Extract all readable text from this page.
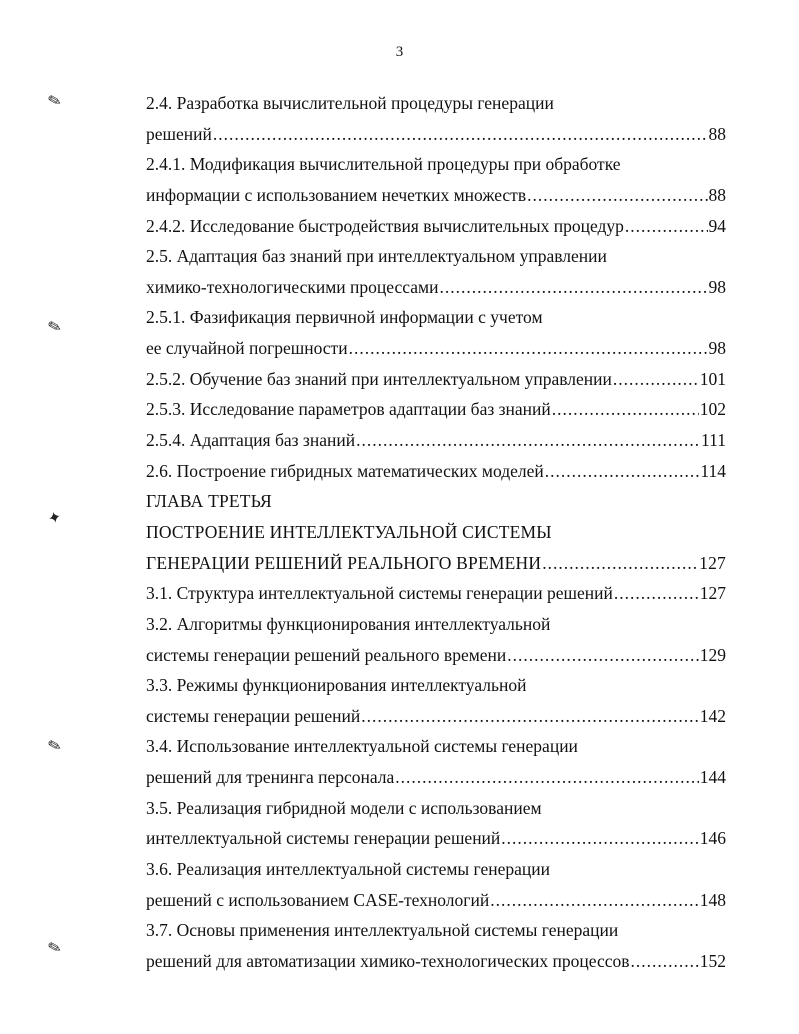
3
✎
✎
✦
✎
✎
2.4. Разработка вычислительной процедуры генерации
решений .....	88
2.4.1. Модификация вычислительной процедуры при обработке
информации с использованием нечетких множеств .....	88
2.4.2. Исследование быстродействия вычислительных процедур .....	94
2.5. Адаптация баз знаний при интеллектуальном управлении
химико-технологическими процессами .....	98
2.5.1. Фазификация первичной информации с учетом
ее случайной погрешности .....	98
2.5.2. Обучение баз знаний при интеллектуальном управлении .....	101
2.5.3. Исследование параметров адаптации баз знаний .....	102
2.5.4. Адаптация баз знаний .....	111
2.6. Построение гибридных математических моделей .....	114
ГЛАВА ТРЕТЬЯ
ПОСТРОЕНИЕ ИНТЕЛЛЕКТУАЛЬНОЙ СИСТЕМЫ
ГЕНЕРАЦИИ РЕШЕНИЙ РЕАЛЬНОГО ВРЕМЕНИ .....	127
3.1. Структура интеллектуальной системы генерации решений .....	127
3.2. Алгоритмы функционирования интеллектуальной
системы генерации решений реального времени .....	129
3.3. Режимы функционирования интеллектуальной
системы генерации решений .....	142
3.4. Использование интеллектуальной системы генерации
решений для тренинга персонала .....	144
3.5. Реализация гибридной модели с использованием
интеллектуальной системы генерации решений .....	146
3.6. Реализация интеллектуальной системы генерации
решений с использованием CASE-технологий .....	148
3.7. Основы применения интеллектуальной системы генерации
решений для автоматизации химико-технологических процессов .....	152
